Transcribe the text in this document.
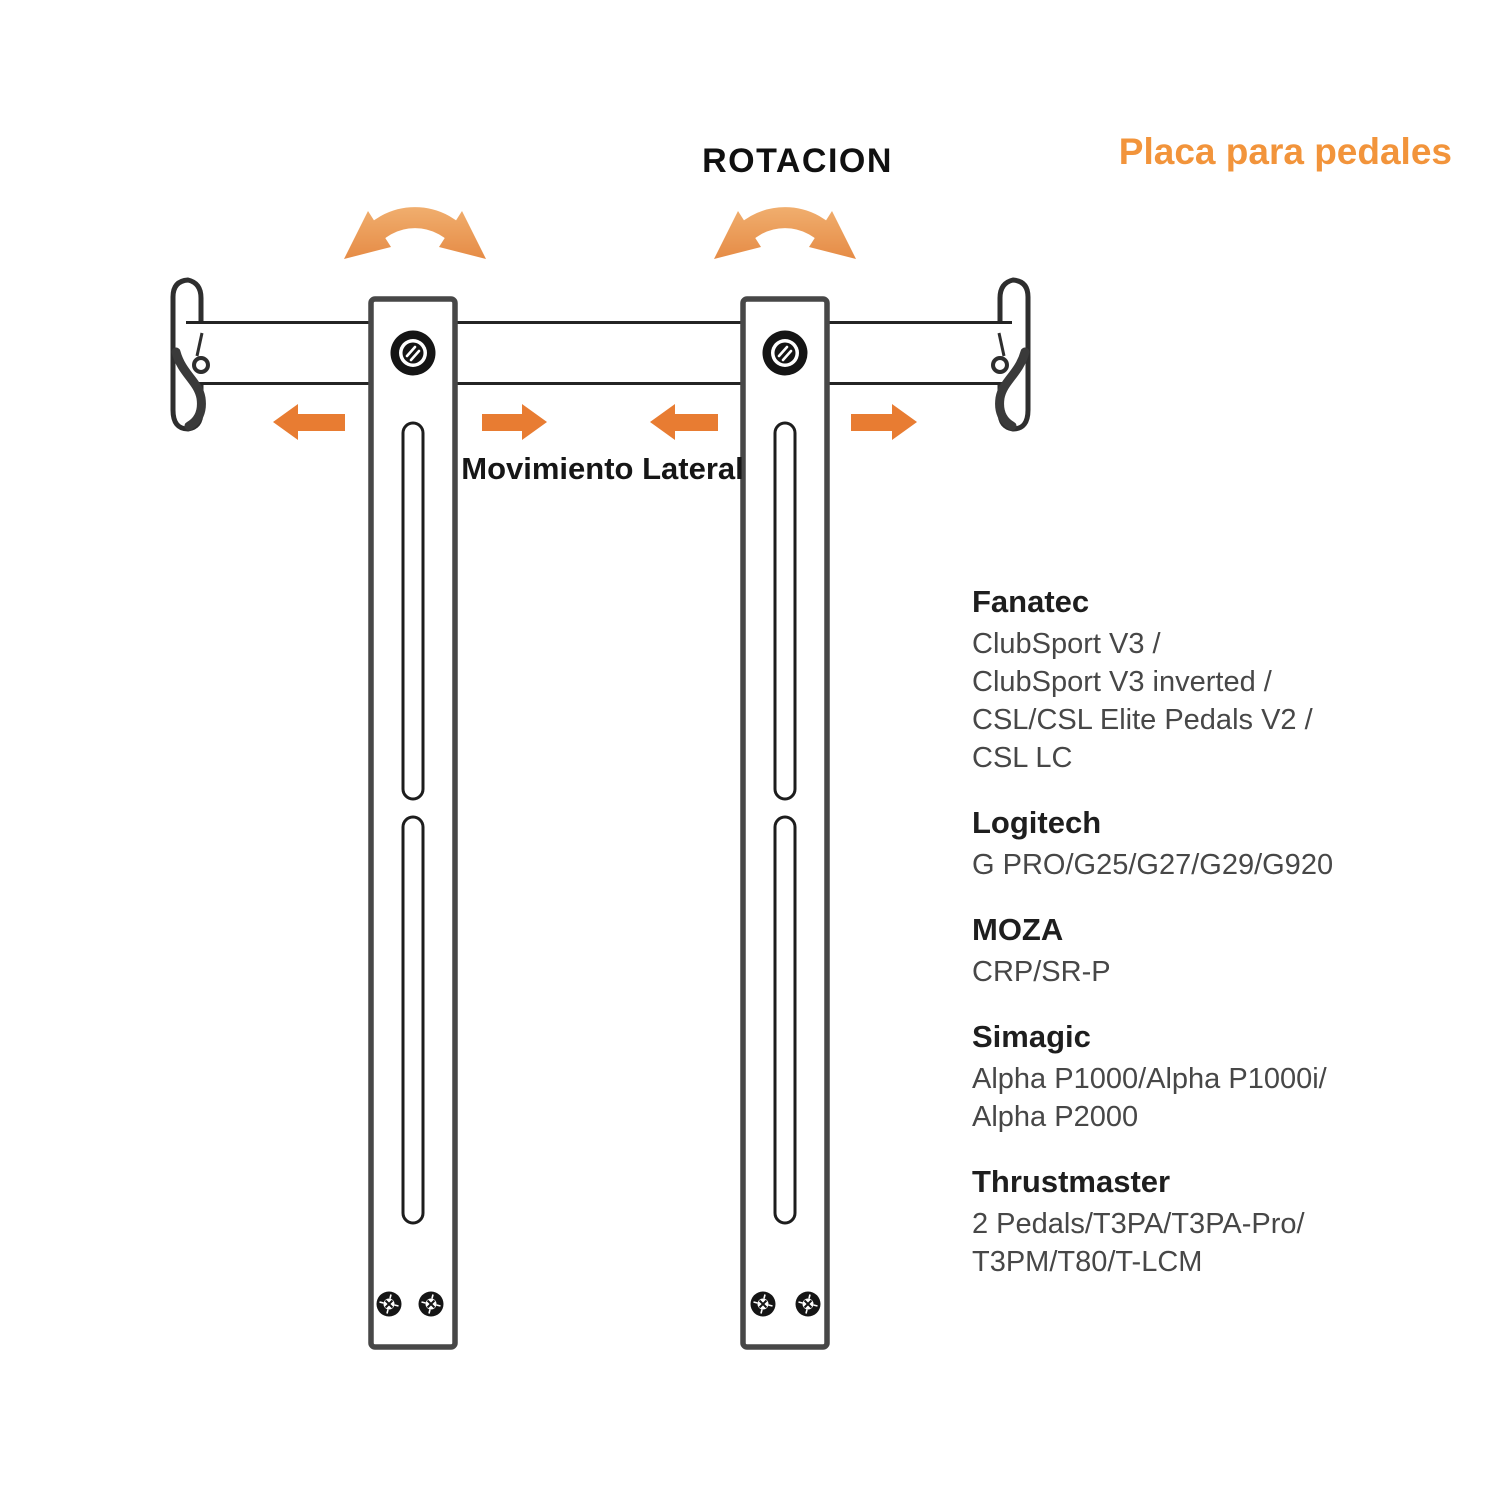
ROTACION	Placa para pedales
Movimiento Lateral
Fanatec
ClubSport V3 /
ClubSport V3 inverted /
CSL/CSL Elite Pedals V2 /
CSL LC
Logitech
G PRO/G25/G27/G29/G920
MOZA
CRP/SR-P
Simagic
Alpha P1000/Alpha P1000i/
Alpha P2000
Thrustmaster
2 Pedals/T3PA/T3PA-Pro/
T3PM/T80/T-LCM
